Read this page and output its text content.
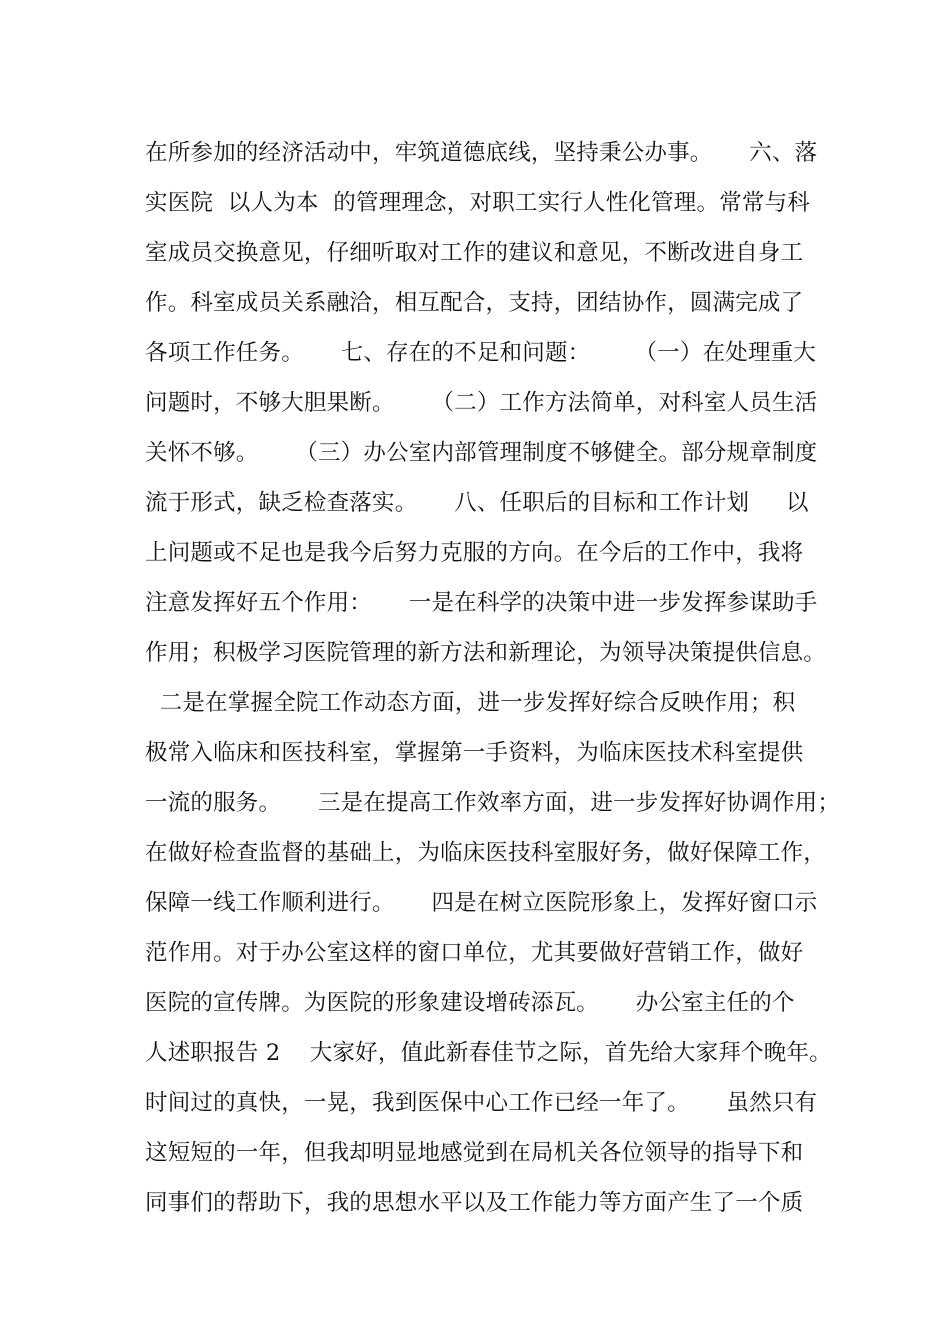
在所参加的经济活动中，牢筑道德底线，坚持秉公办事。     六、落
实医院  以人为本  的管理理念，对职工实行人性化管理。常常与科
室成员交换意见，仔细听取对工作的建议和意见，不断改进自身工
作。科室成员关系融洽，相互配合，支持，团结协作，圆满完成了
各项工作任务。     七、存在的不足和问题：      （一）在处理重大
问题时，不够大胆果断。     （二）工作方法简单，对科室人员生活
关怀不够。     （三）办公室内部管理制度不够健全。部分规章制度
流于形式，缺乏检查落实。     八、任职后的目标和工作计划     以
上问题或不足也是我今后努力克服的方向。在今后的工作中，我将
注意发挥好五个作用：     一是在科学的决策中进一步发挥参谋助手
作用；积极学习医院管理的新方法和新理论，为领导决策提供信息。
二是在掌握全院工作动态方面，进一步发挥好综合反映作用；积
极常入临床和医技科室，掌握第一手资料，为临床医技术科室提供
一流的服务。     三是在提高工作效率方面，进一步发挥好协调作用；
在做好检查监督的基础上，为临床医技科室服好务，做好保障工作，
保障一线工作顺利进行。     四是在树立医院形象上，发挥好窗口示
范作用。对于办公室这样的窗口单位，尤其要做好营销工作，做好
医院的宣传牌。为医院的形象建设增砖添瓦。     办公室主任的个
人述职报告 2    大家好，值此新春佳节之际，首先给大家拜个晚年。
时间过的真快，一晃，我到医保中心工作已经一年了。     虽然只有
这短短的一年，但我却明显地感觉到在局机关各位领导的指导下和
同事们的帮助下，我的思想水平以及工作能力等方面产生了一个质
